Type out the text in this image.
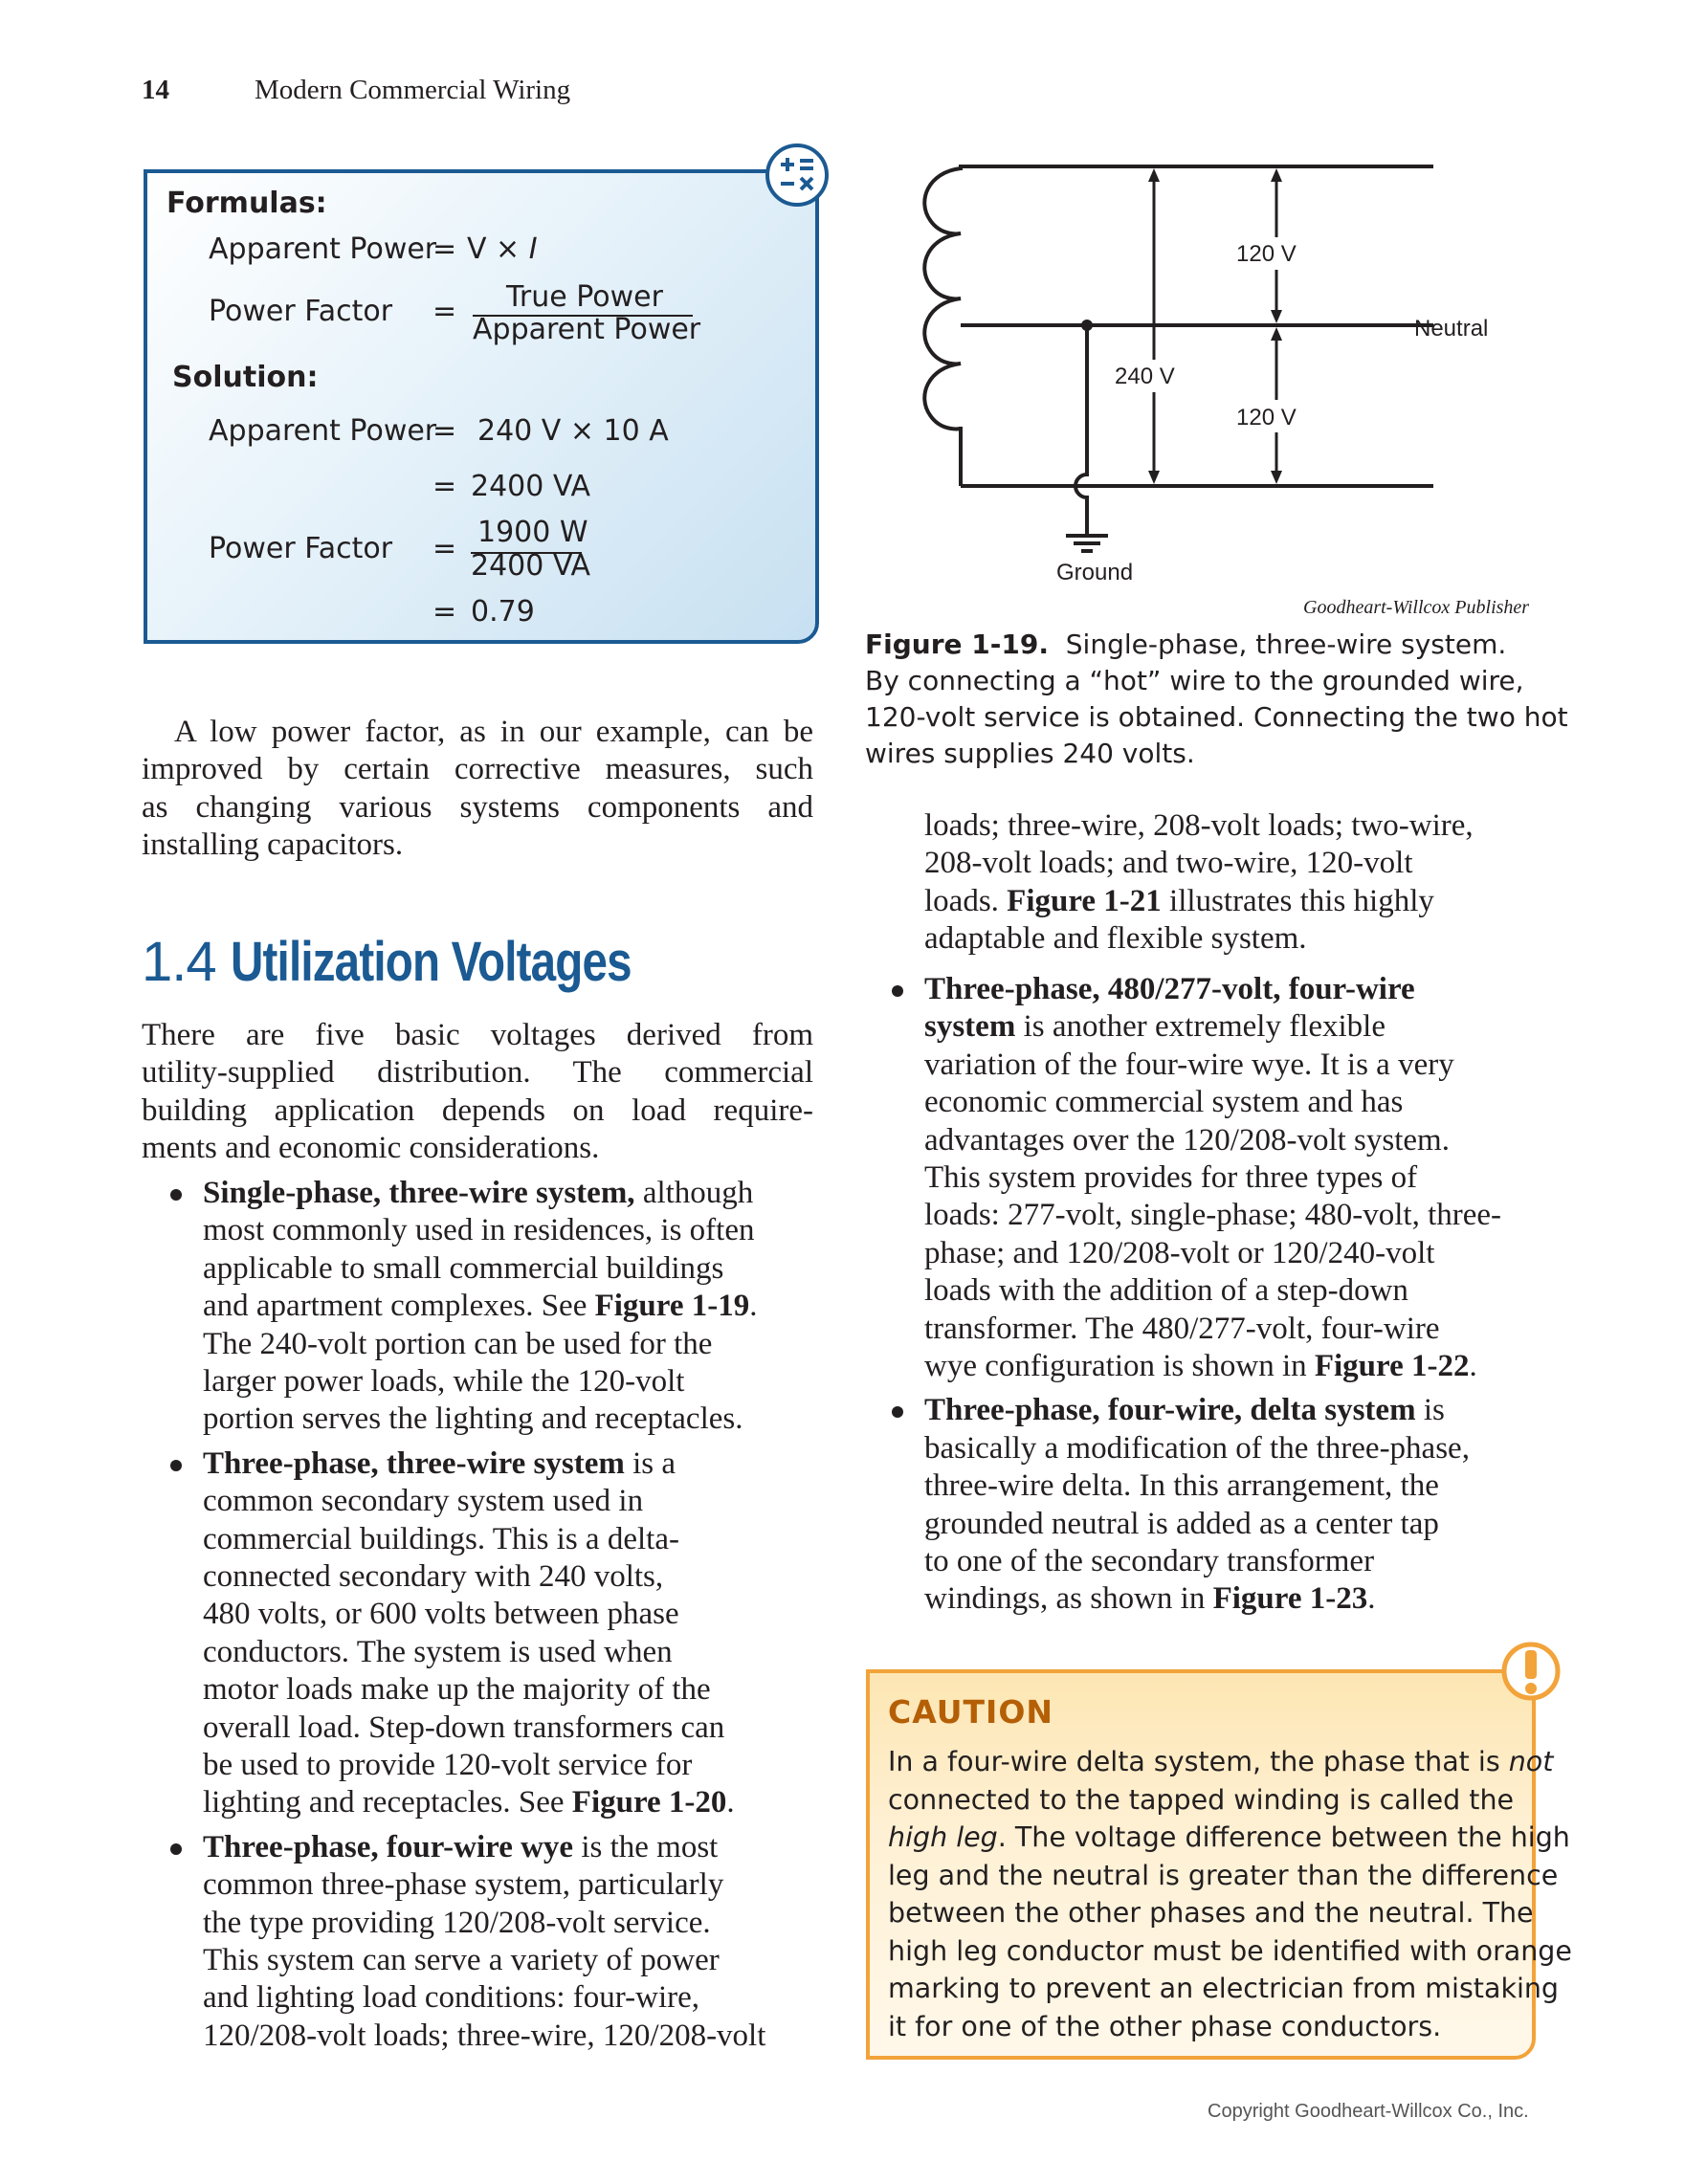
14	Modern Commercial Wiring
Formulas:
Apparent Power
= V × I
Power Factor = True Power
Apparent Power
Solution:
Apparent Power
= 240 V × 10 A
= 2400 VA
Power Factor = 1900 W
2400 VA
= 0.79
A low power factor, as in our example, can be
improved by certain corrective measures, such
as changing various systems components and
installing capacitors.
1.4 Utilization Voltages
There are five basic voltages derived from
utility-supplied distribution. The commercial
building application depends on load require-
ments and economic considerations.
Single-phase, three-wire system, although
most commonly used in residences, is often
applicable to small commercial buildings
and apartment complexes. See Figure 1-19.
The 240-volt portion can be used for the
larger power loads, while the 120-volt
portion serves the lighting and receptacles.
Three-phase, three-wire system is a
common secondary system used in
commercial buildings. This is a delta-
connected secondary with 240 volts,
480 volts, or 600 volts between phase
conductors. The system is used when
motor loads make up the majority of the
overall load. Step-down transformers can
be used to provide 120-volt service for
lighting and receptacles. See Figure 1-20.
Three-phase, four-wire wye is the most
common three-phase system, particularly
the type providing 120/208-volt service.
This system can serve a variety of power
and lighting load conditions: four-wire,
120/208-volt loads; three-wire, 120/208-volt
120 V
Neutral
240 V
120 V
Ground
Goodheart-Willcox Publisher
Figure 1-19. Single-phase, three-wire system.
By connecting a “hot” wire to the grounded wire,
120-volt service is obtained. Connecting the two hot
wires supplies 240 volts.
loads; three-wire, 208-volt loads; two-wire,
208-volt loads; and two-wire, 120-volt
loads. Figure 1-21 illustrates this highly
adaptable and flexible system.
Three-phase, 480/277-volt, four-wire
system is another extremely flexible
variation of the four-wire wye. It is a very
economic commercial system and has
advantages over the 120/208-volt system.
This system provides for three types of
loads: 277-volt, single-phase; 480-volt, three-
phase; and 120/208-volt or 120/240-volt
loads with the addition of a step-down
transformer. The 480/277-volt, four-wire
wye configuration is shown in Figure 1-22.
Three-phase, four-wire, delta system is
basically a modification of the three-phase,
three-wire delta. In this arrangement, the
grounded neutral is added as a center tap
to one of the secondary transformer
windings, as shown in Figure 1-23.
CAUTION
In a four-wire delta system, the phase that is not
connected to the tapped winding is called the
high leg. The voltage difference between the high
leg and the neutral is greater than the difference
between the other phases and the neutral. The
high leg conductor must be identified with orange
marking to prevent an electrician from mistaking
it for one of the other phase conductors.
Copyright Goodheart-Willcox Co., Inc.
